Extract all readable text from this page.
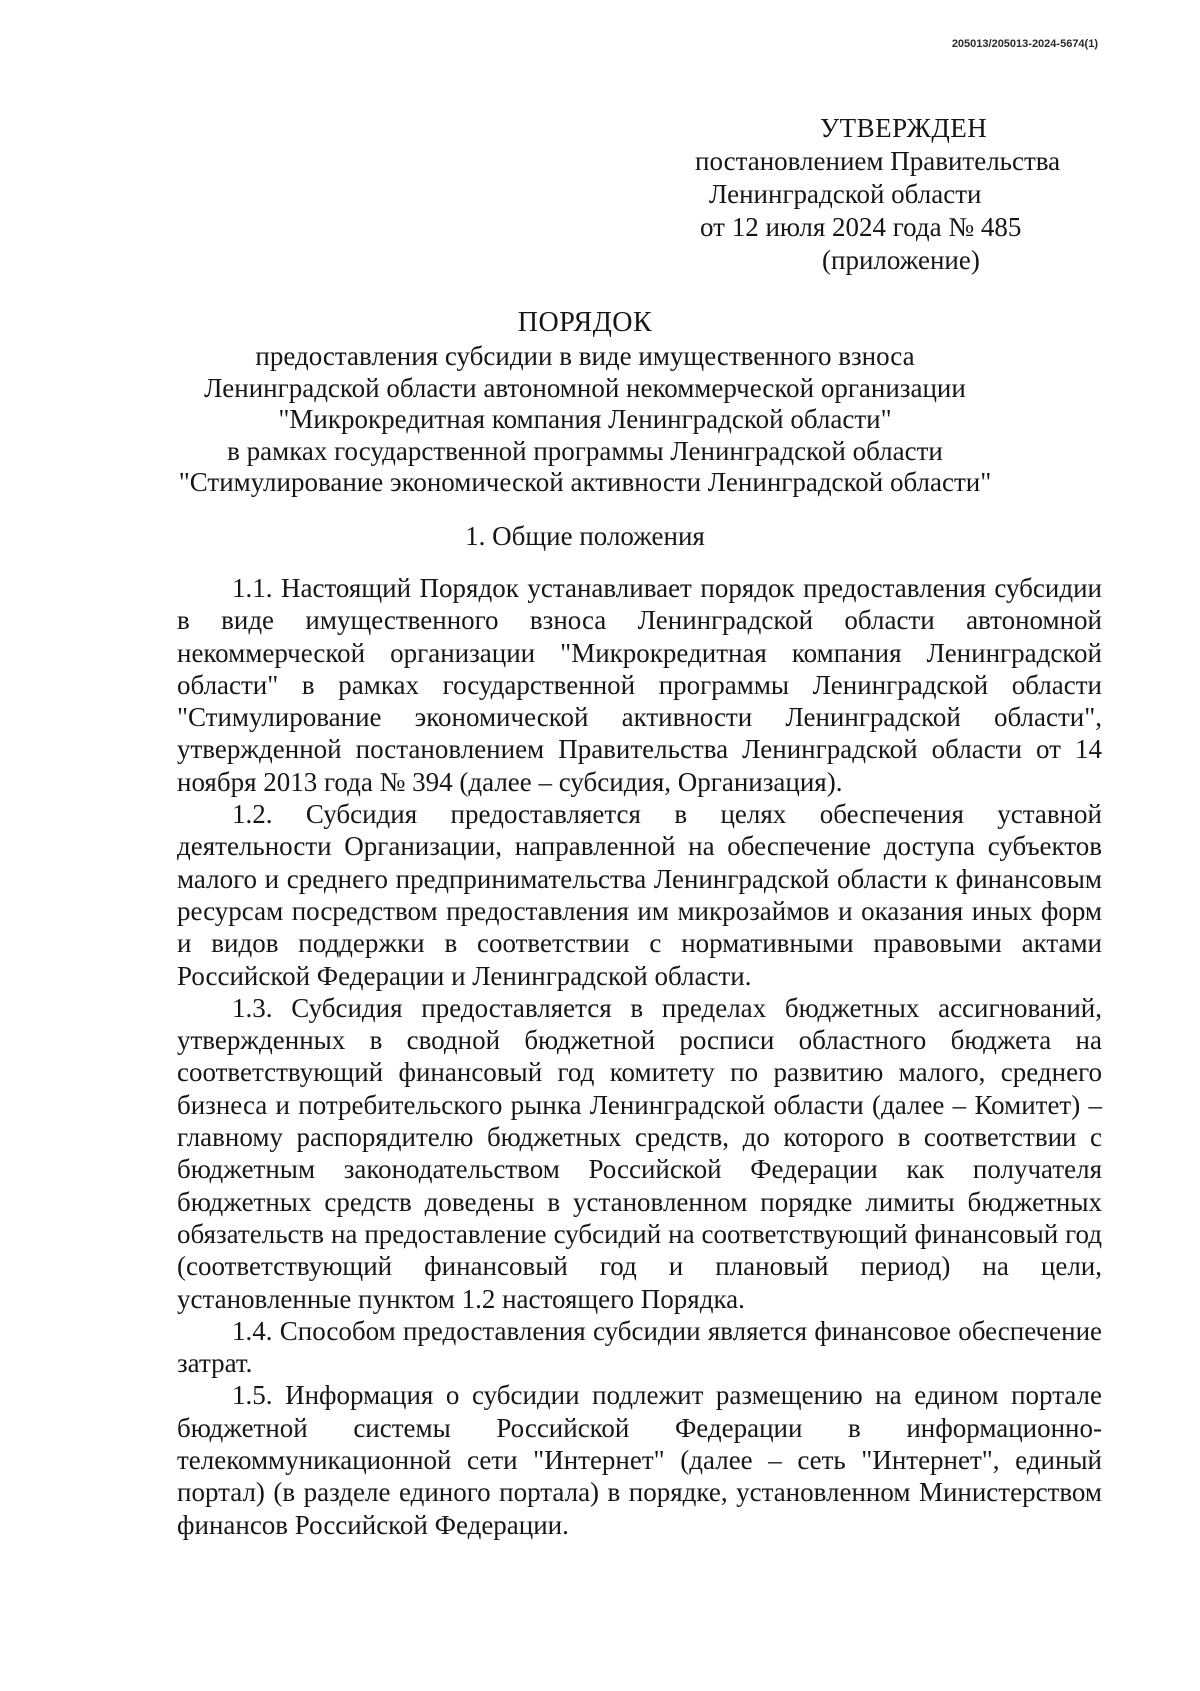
205013/205013-2024-5674(1)
УТВЕРЖДЕН
постановлением Правительства
Ленинградской области
от 12 июля 2024 года № 485
(приложение)
ПОРЯДОК
предоставления субсидии в виде имущественного взноса
Ленинградской области автономной некоммерческой организации
"Микрокредитная компания Ленинградской области"
в рамках государственной программы Ленинградской области
"Стимулирование экономической активности Ленинградской области"
1. Общие положения

1.1. Настоящий Порядок устанавливает порядок предоставления субсидии в виде имущественного взноса Ленинградской области автономной некоммерческой организации "Микрокредитная компания Ленинградской области" в рамках государственной программы Ленинградской области "Стимулирование экономической активности Ленинградской области", утвержденной постановлением Правительства Ленинградской области от 14 ноября 2013 года № 394 (далее – субсидия, Организация).

1.2. Субсидия предоставляется в целях обеспечения уставной деятельности Организации, направленной на обеспечение доступа субъектов малого и среднего предпринимательства Ленинградской области к финансовым ресурсам посредством предоставления им микрозаймов и оказания иных форм и видов поддержки в соответствии с нормативными правовыми актами Российской Федерации и Ленинградской области.

1.3. Субсидия предоставляется в пределах бюджетных ассигнований, утвержденных в сводной бюджетной росписи областного бюджета на соответствующий финансовый год комитету по развитию малого, среднего бизнеса и потребительского рынка Ленинградской области (далее – Комитет) – главному распорядителю бюджетных средств, до которого в соответствии с бюджетным законодательством Российской Федерации как получателя бюджетных средств доведены в установленном порядке лимиты бюджетных обязательств на предоставление субсидий на соответствующий финансовый год (соответствующий финансовый год и плановый период) на цели, установленные пунктом 1.2 настоящего Порядка.

1.4. Способом предоставления субсидии является финансовое обеспечение затрат.

1.5. Информация о субсидии подлежит размещению на едином портале бюджетной системы Российской Федерации в информационно-телекоммуникационной сети "Интернет" (далее – сеть "Интернет", единый портал) (в разделе единого портала) в порядке, установленном Министерством финансов Российской Федерации.
